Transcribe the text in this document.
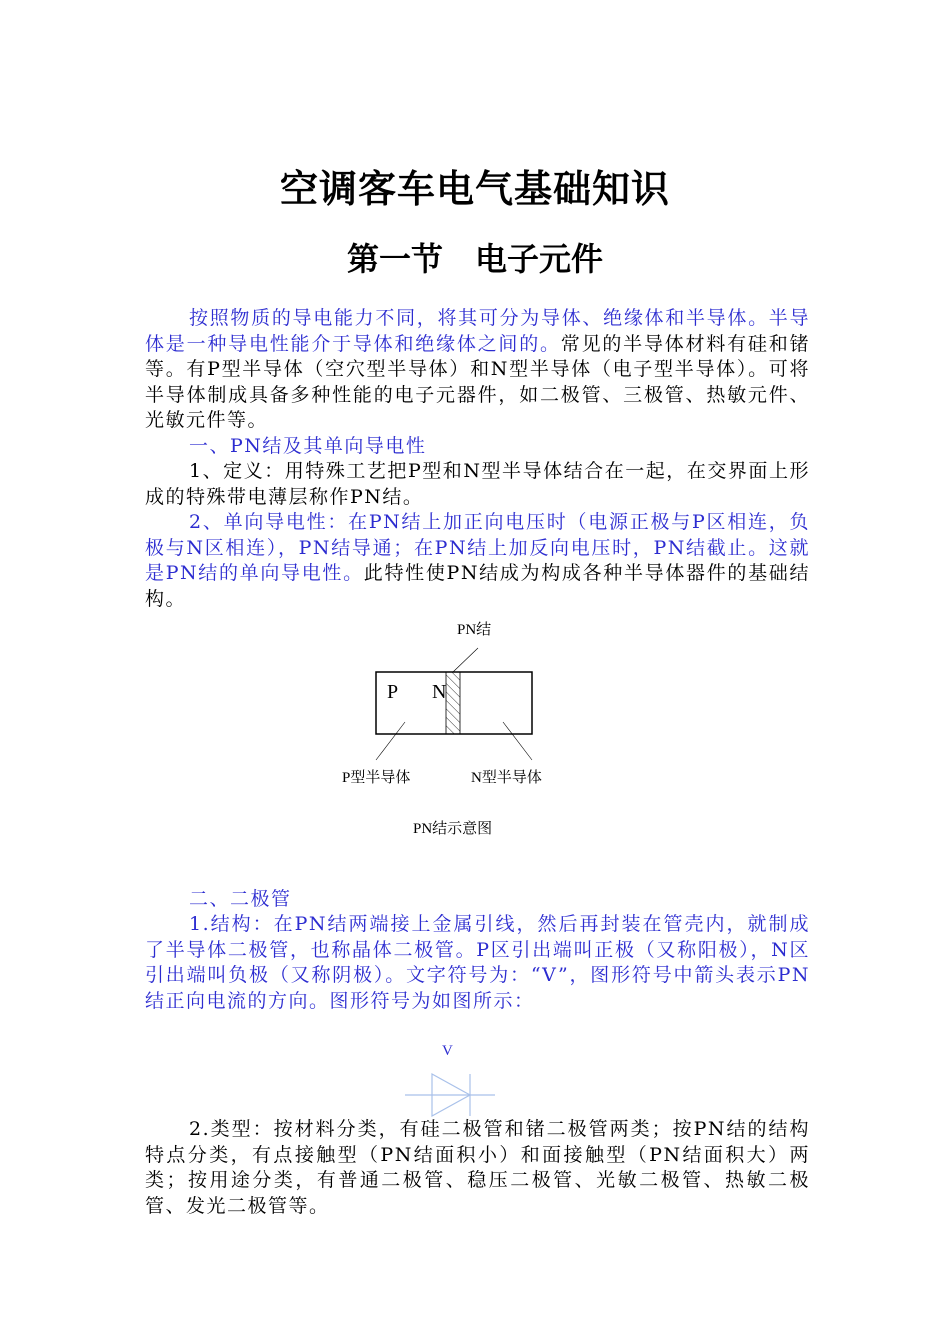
空调客车电气基础知识
第一节　电子元件

按照物质的导电能力不同，将其可分为导体、绝缘体和半导体。半导体是一种导电性能介于导体和绝缘体之间的。常见的半导体材料有硅和锗等。有P型半导体（空穴型半导体）和N型半导体（电子型半导体）。可将半导体制成具备多种性能的电子元器件，如二极管、三极管、热敏元件、光敏元件等。

一、PN结及其单向导电性

1、定义：用特殊工艺把P型和N型半导体结合在一起，在交界面上形成的特殊带电薄层称作PN结。

2、单向导电性：在PN结上加正向电压时（电源正极与P区相连，负极与N区相连），PN结导通；在PN结上加反向电压时，PN结截止。这就是PN结的单向导电性。此特性使PN结成为构成各种半导体器件的基础结构。

PN结
P N
P型半导体	N型半导体
PN结示意图

二、二极管

1.结构：在PN结两端接上金属引线，然后再封装在管壳内，就制成了半导体二极管，也称晶体二极管。P区引出端叫正极（又称阳极），N区引出端叫负极（又称阴极）。文字符号为：“V”，图形符号中箭头表示PN结正向电流的方向。图形符号为如图所示：

V

2.类型：按材料分类，有硅二极管和锗二极管两类；按PN结的结构特点分类，有点接触型（PN结面积小）和面接触型（PN结面积大）两类；按用途分类，有普通二极管、稳压二极管、光敏二极管、热敏二极管、发光二极管等。
